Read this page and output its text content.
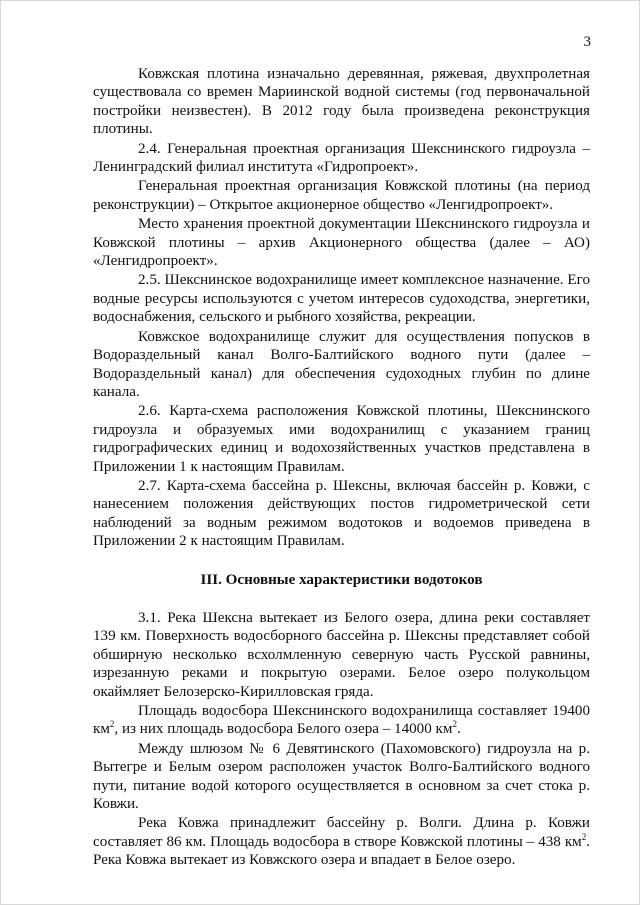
3

Ковжская плотина изначально деревянная, ряжевая, двухпролетная существовала со времен Мариинской водной системы (год первоначальной постройки неизвестен). В 2012 году была произведена реконструкция плотины.

2.4. Генеральная проектная организация Шекснинского гидроузла – Ленинградский филиал института «Гидропроект».

Генеральная проектная организация Ковжской плотины (на период реконструкции) – Открытое акционерное общество «Ленгидропроект».

Место хранения проектной документации Шекснинского гидроузла и Ковжской плотины – архив Акционерного общества (далее – АО) «Ленгидропроект».

2.5. Шекснинское водохранилище имеет комплексное назначение. Его водные ресурсы используются с учетом интересов судоходства, энергетики, водоснабжения, сельского и рыбного хозяйства, рекреации.

Ковжское водохранилище служит для осуществления попусков в Водораздельный канал Волго-Балтийского водного пути (далее – Водораздельный канал) для обеспечения судоходных глубин по длине канала.

2.6. Карта-схема расположения Ковжской плотины, Шекснинского гидроузла и образуемых ими водохранилищ с указанием границ гидрографических единиц и водохозяйственных участков представлена в Приложении 1 к настоящим Правилам.

2.7. Карта-схема бассейна р. Шексны, включая бассейн р. Ковжи, с нанесением положения действующих постов гидрометрической сети наблюдений за водным режимом водотоков и водоемов приведена в Приложении 2 к настоящим Правилам.

III. Основные характеристики водотоков

3.1. Река Шексна вытекает из Белого озера, длина реки составляет 139 км. Поверхность водосборного бассейна р. Шексны представляет собой обширную несколько всхолмленную северную часть Русской равнины, изрезанную реками и покрытую озерами. Белое озеро полукольцом окаймляет Белозерско-Кирилловская гряда.

Площадь водосбора Шекснинского водохранилища составляет 19400 $км^2$, из них площадь водосбора Белого озера – 14000 $км^2$.

Между шлюзом № 6 Девятинского (Пахомовского) гидроузла на р. Вытегре и Белым озером расположен участок Волго-Балтийского водного пути, питание водой которого осуществляется в основном за счет стока р. Ковжи.

Река Ковжа принадлежит бассейну р. Волги. Длина р. Ковжи составляет 86 км. Площадь водосбора в створе Ковжской плотины – 438 $км^2$. Река Ковжа вытекает из Ковжского озера и впадает в Белое озеро.
